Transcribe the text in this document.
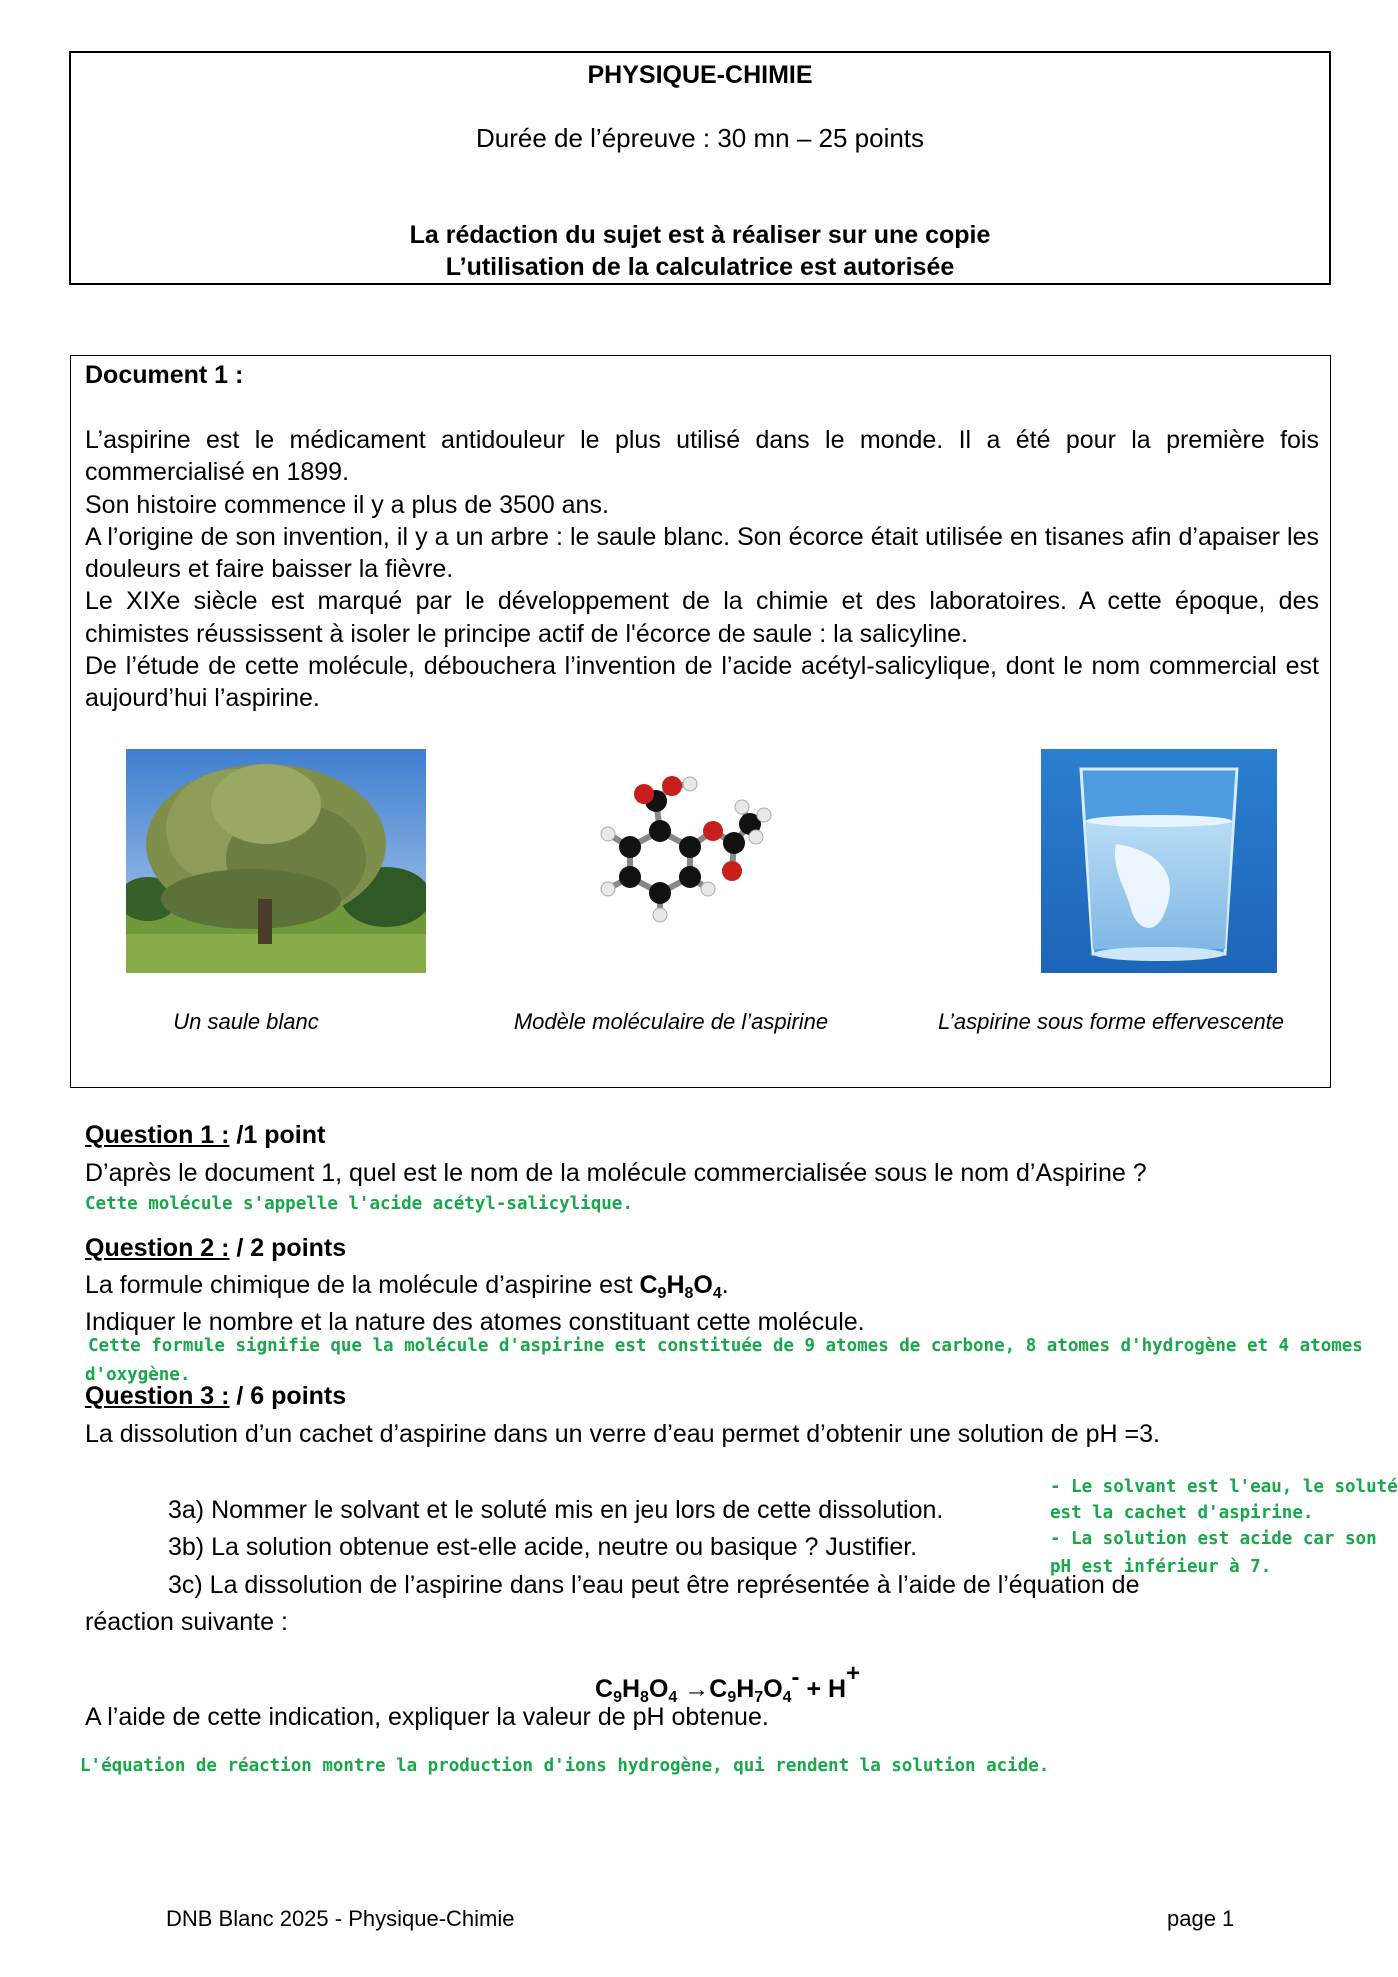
PHYSIQUE-CHIMIE
Durée de l’épreuve : 30 mn – 25 points
La rédaction du sujet est à réaliser sur une copie
L’utilisation de la calculatrice est autorisée
Document 1 :

L’aspirine est le médicament antidouleur le plus utilisé dans le monde. Il a été pour la première fois commercialisé en 1899.

Son histoire commence il y a plus de 3500 ans.

A l’origine de son invention, il y a un arbre : le saule blanc. Son écorce était utilisée en tisanes afin d’apaiser les douleurs et faire baisser la fièvre.

Le XIXe siècle est marqué par le développement de la chimie et des laboratoires. A cette époque, des chimistes réussissent à isoler le principe actif de l'écorce de saule : la salicyline.

De l’étude de cette molécule, débouchera l’invention de l’acide acétyl-salicylique, dont le nom commercial est aujourd’hui l’aspirine.

Un saule blanc	Modèle moléculaire de l’aspirine	L’aspirine sous forme effervescente
Question 1 : /1 point
D’après le document 1, quel est le nom de la molécule commercialisée sous le nom d’Aspirine ?
Cette molécule s'appelle l'acide acétyl-salicylique.
Question 2 : / 2 points
La formule chimique de la molécule d’aspirine est $C_9H_8O_4$.
Indiquer le nombre et la nature des atomes constituant cette molécule.
Cette formule signifie que la molécule d'aspirine est constituée de 9 atomes de carbone, 8 atomes d'hydrogène et 4 atomes
d'oxygène.
Question 3 : / 6 points
La dissolution d’un cachet d’aspirine dans un verre d’eau permet d’obtenir une solution de pH =3.
3a) Nommer le solvant et le soluté mis en jeu lors de cette dissolution.
3b) La solution obtenue est-elle acide, neutre ou basique ? Justifier.
- Le solvant est l'eau, le soluté
est la cachet d'aspirine.
- La solution est acide car son
pH est inférieur à 7.
3c) La dissolution de l’aspirine dans l’eau peut être représentée à l’aide de l’équation de
réaction suivante :
$C_9H_8O_4 \to C_9H_7O_4^- + H^+$
A l’aide de cette indication, expliquer la valeur de pH obtenue.
L'équation de réaction montre la production d'ions hydrogène, qui rendent la solution acide.
DNB Blanc 2025 - Physique-Chimie	page 1
